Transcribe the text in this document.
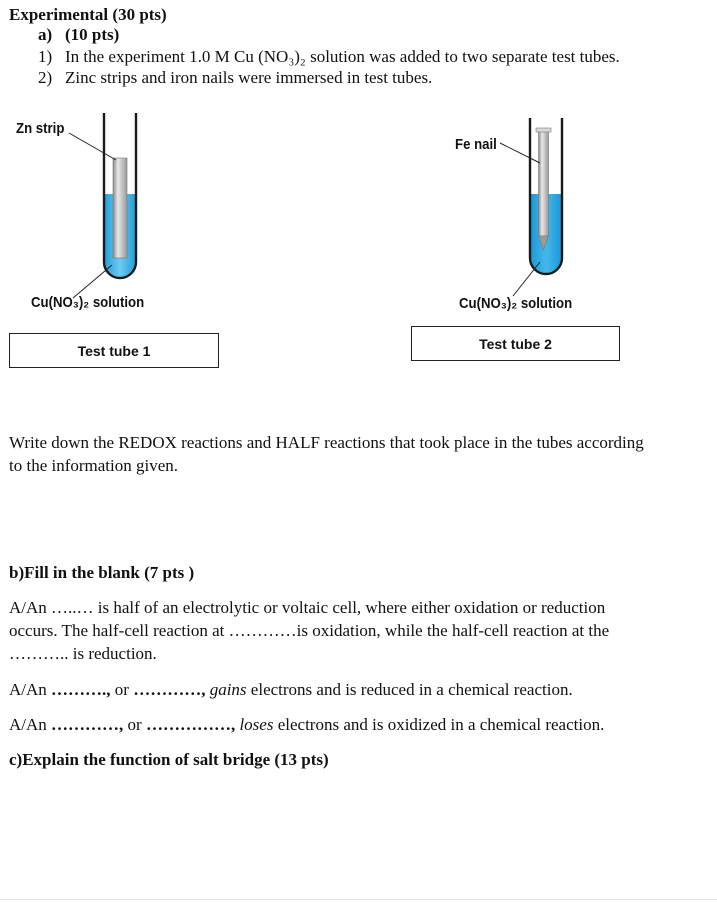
Experimental (30 pts)
a) (10 pts)
1) In the experiment 1.0 M Cu (NO₃)₂ solution was added to two separate test tubes.
2) Zinc strips and iron nails were immersed in test tubes.
Zn strip
Cu(NO₃)₂ solution
Fe nail
Cu(NO₃)₂ solution
Test tube 1	Test tube 2
Write down the REDOX reactions and HALF reactions that took place in the tubes according
to the information given.
b)Fill in the blank (7 pts )
A/An …..… is half of an electrolytic or voltaic cell, where either oxidation or reduction
occurs. The half-cell reaction at …………is oxidation, while the half-cell reaction at the
……….. is reduction.
A/An ………., or …………, gains electrons and is reduced in a chemical reaction.
A/An …………, or ……………, loses electrons and is oxidized in a chemical reaction.
c)Explain the function of salt bridge (13 pts)
